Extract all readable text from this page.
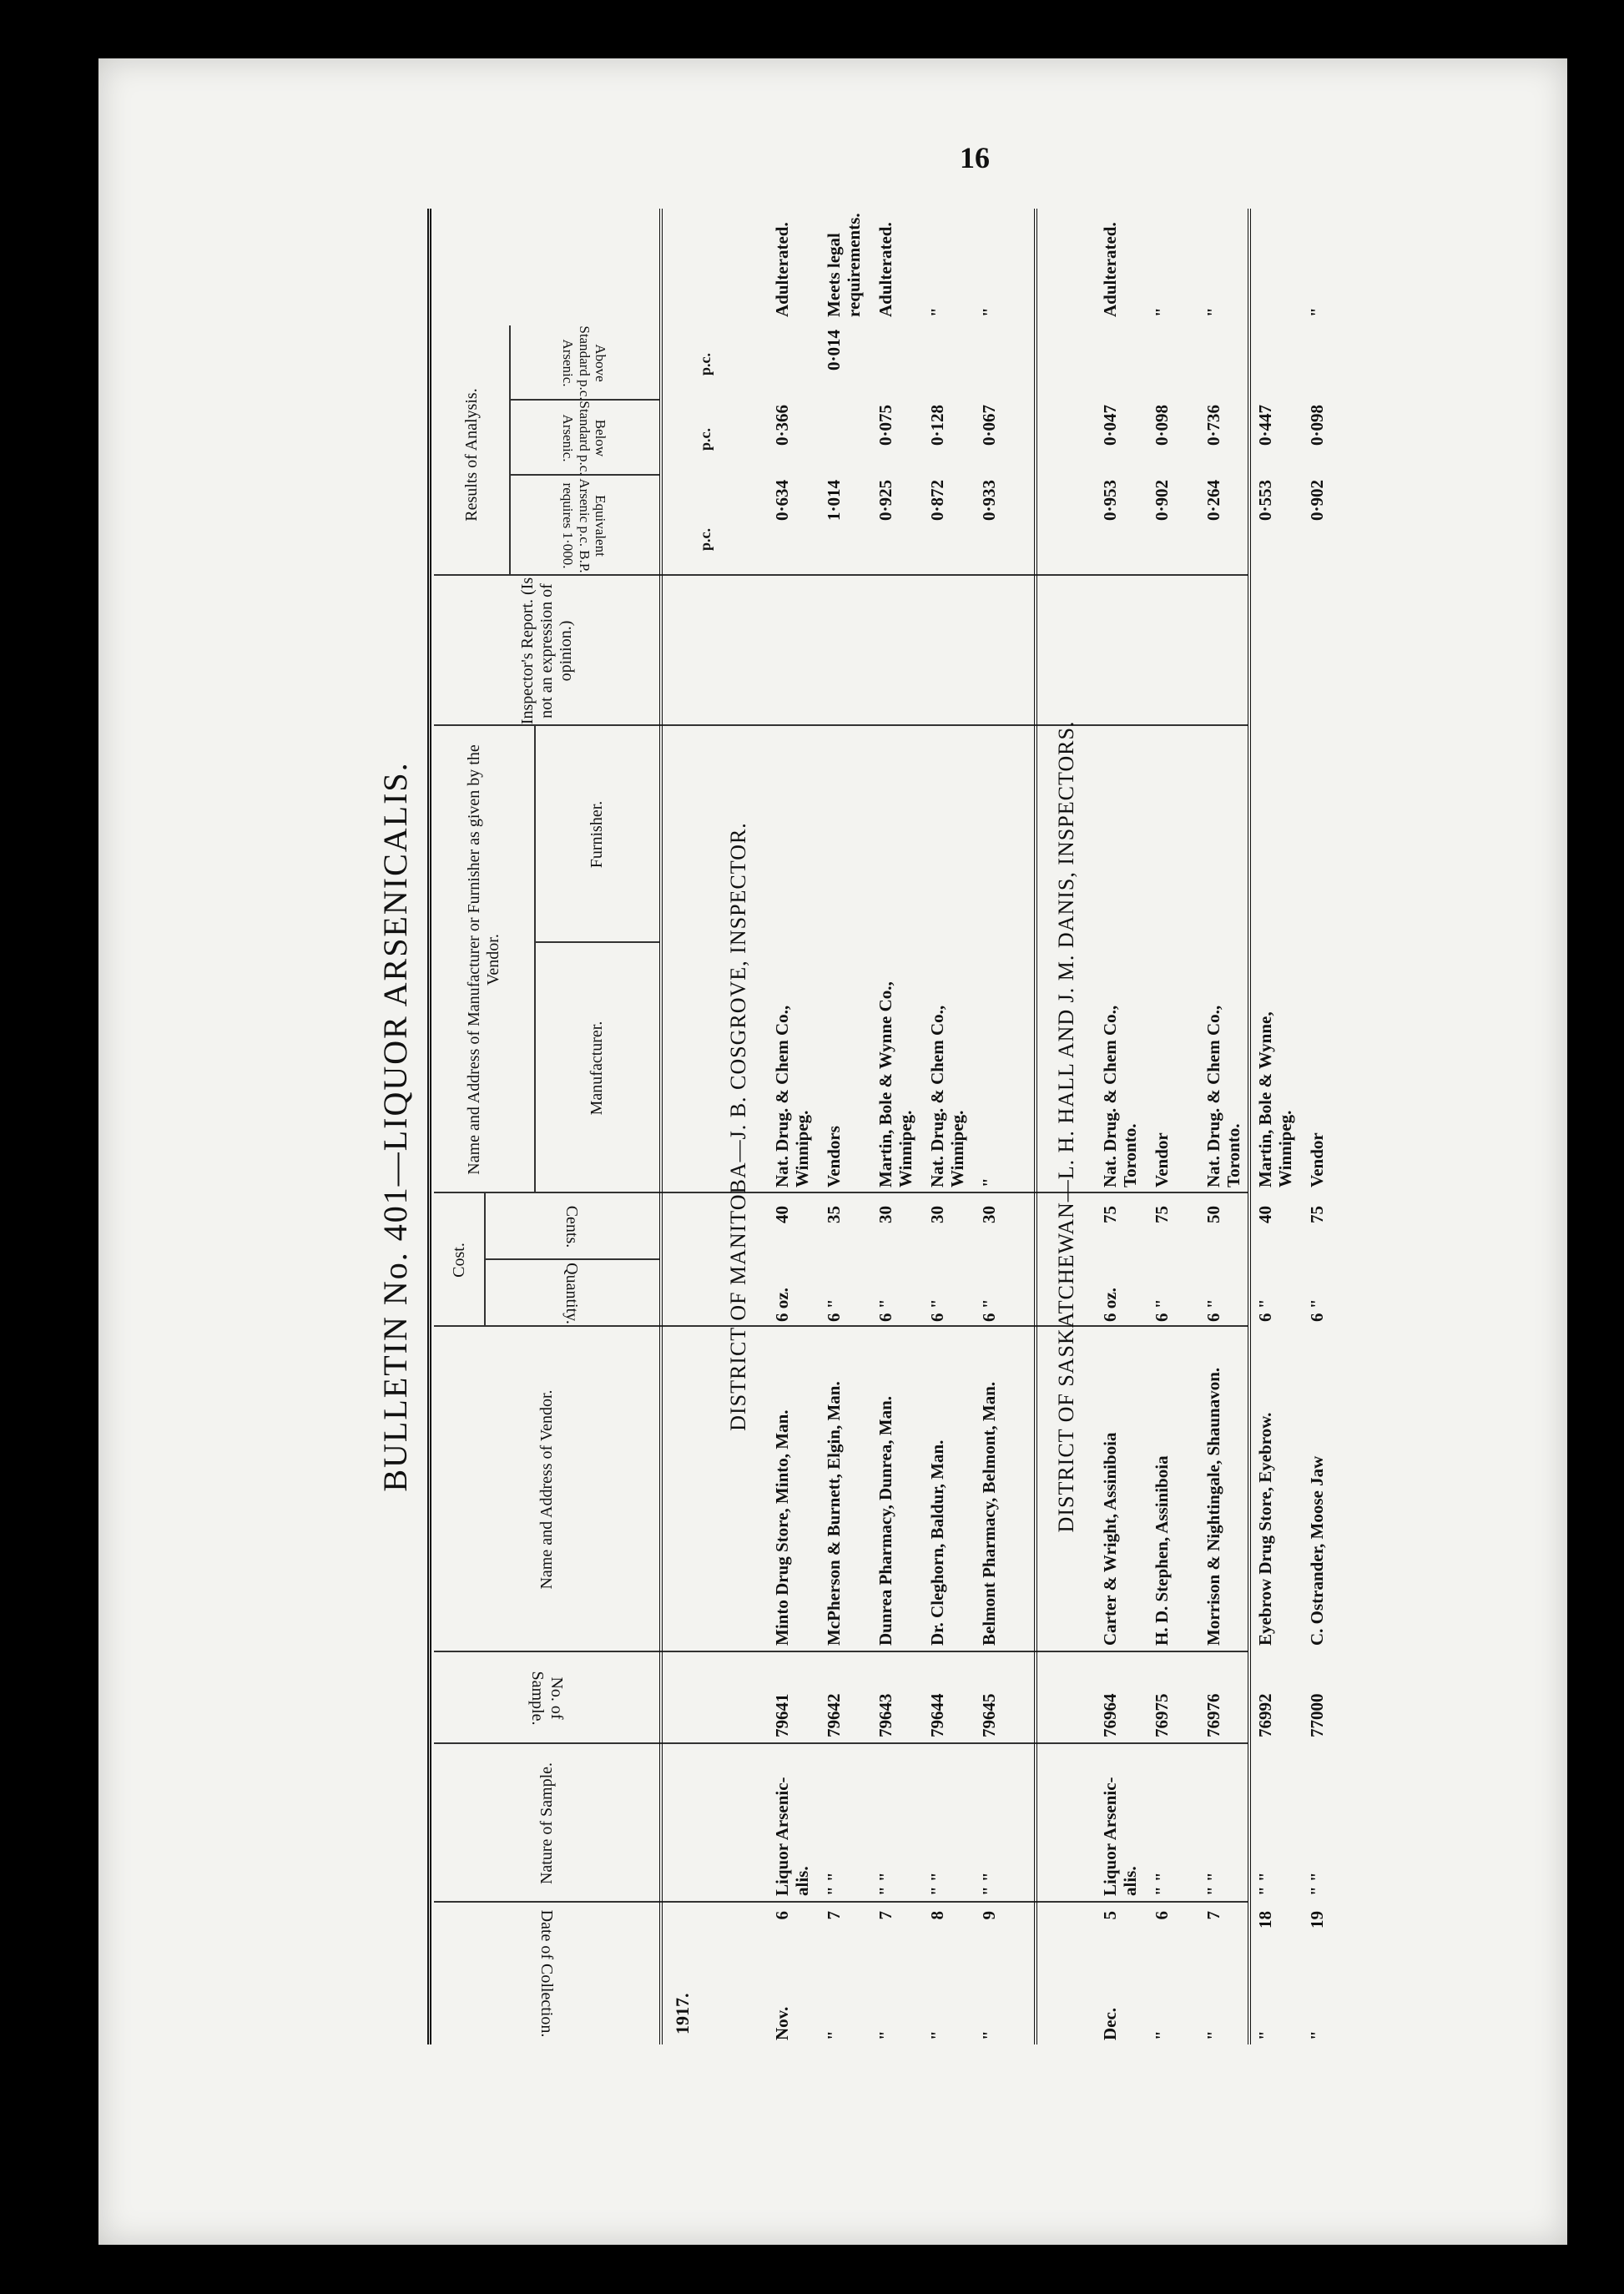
16
BULLETIN No. 401—LIQUOR ARSENICALIS.
Date of Collection.
Nature of Sample.
No. of Sample.
Name and Address of Vendor.
Cost.
Quantity.
Cents.
Name and Address of Manufacturer or Furnisher as given by the Vendor.
Manufacturer.
Furnisher.
Inspector's Report. (Is not an expression of opinion.)
Results of Analysis.
Equivalent Arsenic p.c. B.P. requires 1·000.
Below Standard p.c. Arsenic.
Above Standard p.c. Arsenic.
1917.
p.c.
p.c.
p.c.
DISTRICT OF MANITOBA—J. B. COSGROVE, INSPECTOR.
Nov.
6
Liquor Arsenic-alis.
79641
Minto Drug Store, Minto, Man.
6 oz.
40
Nat. Drug. & Chem Co., Winnipeg.
0·634
0·366
Adulterated.
"
7
" "
79642
McPherson & Burnett, Elgin, Man.
6 "
35
Vendors
1·014
0·014
Meets legal requirements.
"
7
" "
79643
Dunrea Pharmacy, Dunrea, Man.
6 "
30
Martin, Bole & Wynne Co., Winnipeg.
0·925
0·075
Adulterated.
"
8
" "
79644
Dr. Cleghorn, Baldur, Man.
6 "
30
Nat. Drug. & Chem Co., Winnipeg.
0·872
0·128
"
"
9
" "
79645
Belmont Pharmacy, Belmont, Man.
6 "
30
"
0·933
0·067
"
DISTRICT OF SASKATCHEWAN—L. H. HALL AND J. M. DANIS, INSPECTORS.
Dec.
5
Liquor Arsenic-alis.
76964
Carter & Wright, Assiniboia
6 oz.
75
Nat. Drug. & Chem Co., Toronto.
0·953
0·047
Adulterated.
"
6
" "
76975
H. D. Stephen, Assiniboia
6 "
75
Vendor
0·902
0·098
"
"
7
" "
76976
Morrison & Nightingale, Shaunavon.
6 "
50
Nat. Drug. & Chem Co., Toronto.
0·264
0·736
"
"
18
" "
76992
Eyebrow Drug Store, Eyebrow.
6 "
40
Martin, Bole & Wynne, Winnipeg.
0·553
0·447
"
19
" "
77000
C. Ostrander, Moose Jaw
6 "
75
Vendor
0·902
0·098
"
